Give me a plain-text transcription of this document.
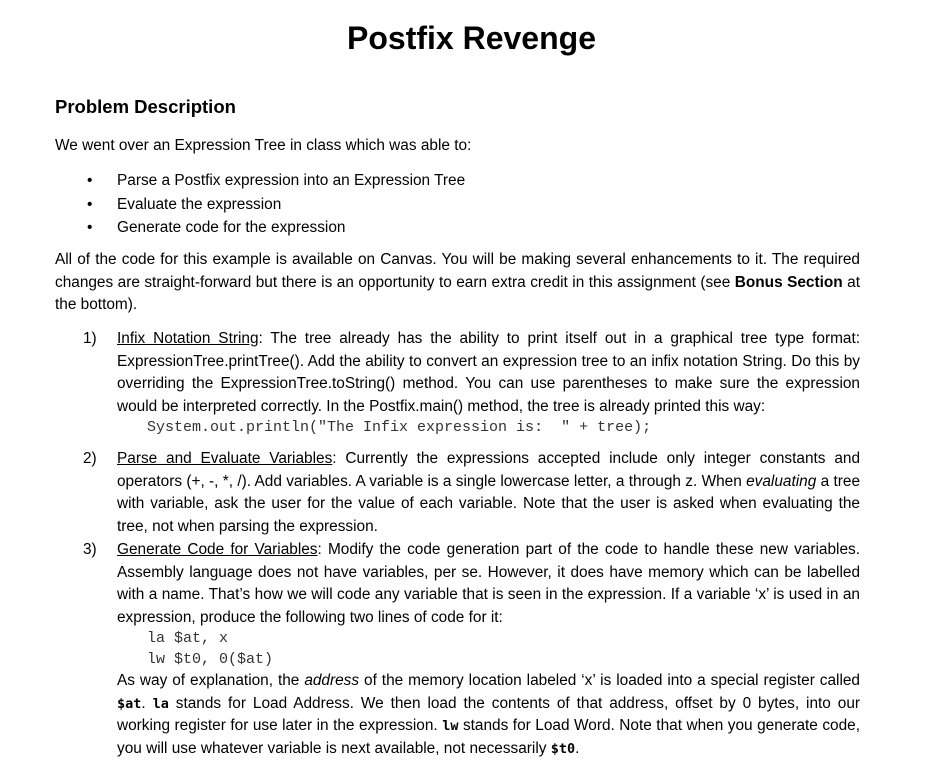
Postfix Revenge
Problem Description
We went over an Expression Tree in class which was able to:
• Parse a Postfix expression into an Expression Tree
• Evaluate the expression
• Generate code for the expression
All of the code for this example is available on Canvas. You will be making several enhancements to it. The required changes are straight-forward but there is an opportunity to earn extra credit in this assignment (see Bonus Section at the bottom).
1) Infix Notation String: The tree already has the ability to print itself out in a graphical tree type format: ExpressionTree.printTree(). Add the ability to convert an expression tree to an infix notation String. Do this by overriding the ExpressionTree.toString() method. You can use parentheses to make sure the expression would be interpreted correctly. In the Postfix.main() method, the tree is already printed this way:
System.out.println("The Infix expression is:  " + tree);
2) Parse and Evaluate Variables: Currently the expressions accepted include only integer constants and operators (+, -, *, /). Add variables. A variable is a single lowercase letter, a through z. When evaluating a tree with variable, ask the user for the value of each variable. Note that the user is asked when evaluating the tree, not when parsing the expression.
3) Generate Code for Variables: Modify the code generation part of the code to handle these new variables. Assembly language does not have variables, per se. However, it does have memory which can be labelled with a name. That’s how we will code any variable that is seen in the expression. If a variable ‘x’ is used in an expression, produce the following two lines of code for it:
la $at, x
lw $t0, 0($at)
As way of explanation, the address of the memory location labeled ‘x’ is loaded into a special register called $at. la stands for Load Address. We then load the contents of that address, offset by 0 bytes, into our working register for use later in the expression. lw stands for Load Word. Note that when you generate code, you will use whatever variable is next available, not necessarily $t0.
